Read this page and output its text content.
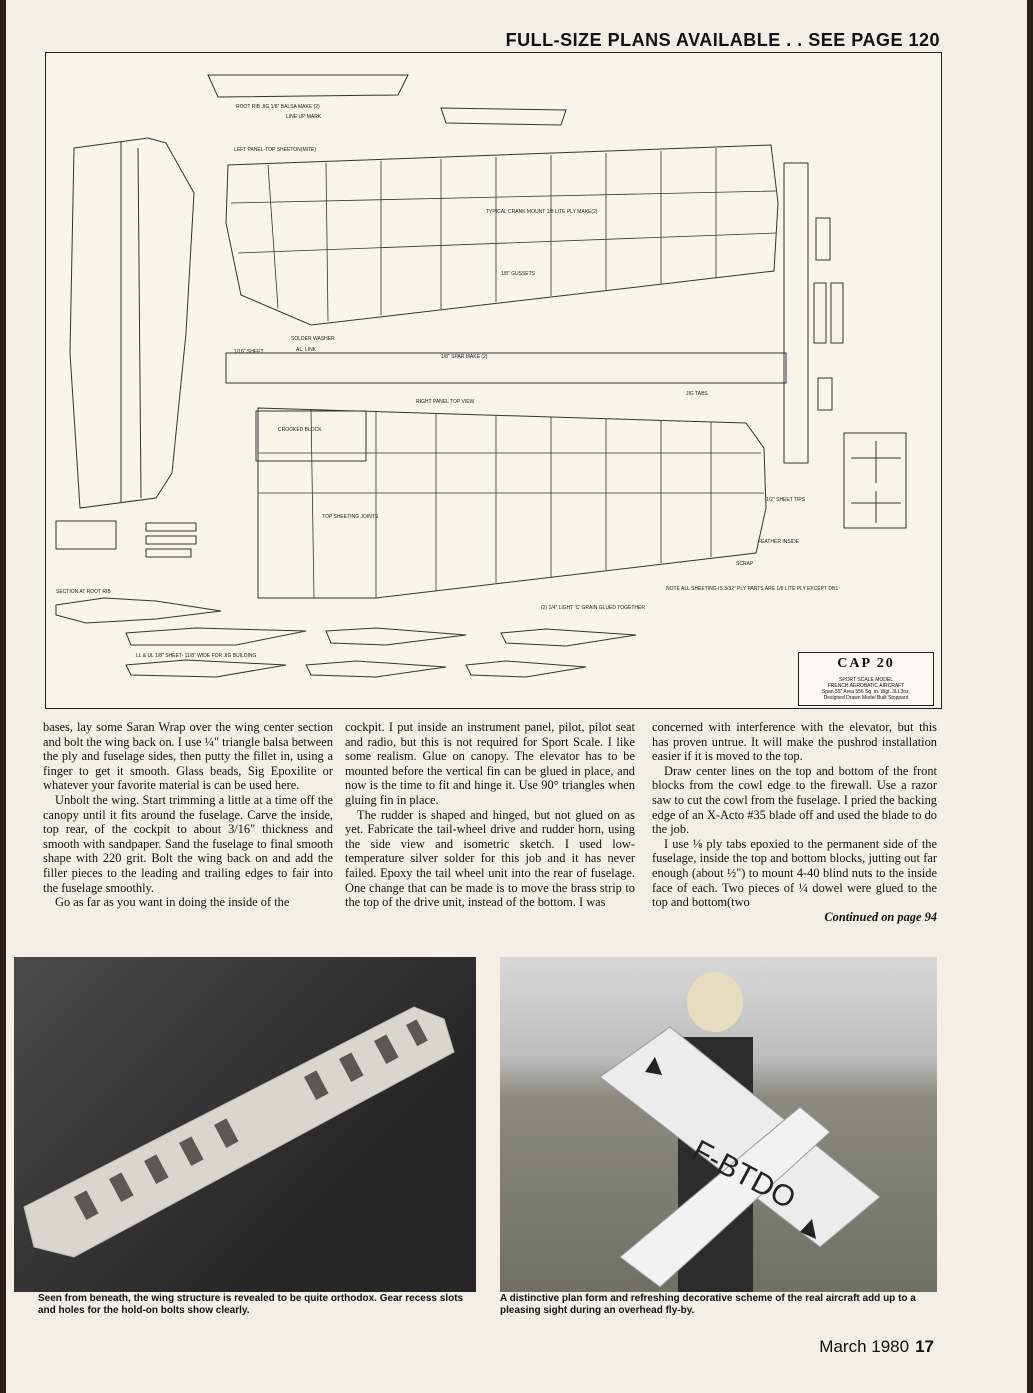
FULL-SIZE PLANS AVAILABLE . . SEE PAGE 120
LEFT PANEL-TOP SHEETON(MITE)
RIGHT PANEL TOP VIEW
ROOT RIB JIG 1/8" BALSA MAKE (2)
LINE UP MARK
1/16" SHEET
TYPICAL CRANK MOUNT 1/8 LITE PLY MAKE(2)
1/8" GUSSETS
1/8" SPAR MAKE (2)
SOLDER WASHER
AL. LINK
CROOKED BLOCK
TOP SHEETING JOINTS
FEATHER INSIDE
SCRAP
NOTE ALL SHEETING IS 3/32" PLY PARTS ARE 1/8 LITE PLY EXCEPT DB1
SECTION AT ROOT RIB
(2) 1/4" LIGHT 'C' GRAIN GLUED TOGETHER
LL & UL 1/8" SHEET- 11/8" WIDE FOR JIG BUILDING
JIG TABS
1/2" SHEET TIPS
CAP 20
SPORT SCALE MODEL
FRENCH AEROBATIC AIRCRAFT
Span 55" Area 556 Sq. in. Wgt. 3LL3oz.
Designed Drawn Model Built Stoppard

bases, lay some Saran Wrap over the wing center section and bolt the wing back on. I use ¼" triangle balsa between the ply and fuselage sides, then putty the fillet in, using a finger to get it smooth. Glass beads, Sig Epoxilite or whatever your favorite material is can be used here.

Unbolt the wing. Start trimming a little at a time off the canopy until it fits around the fuselage. Carve the inside, top rear, of the cockpit to about 3/16" thickness and smooth with sandpaper. Sand the fuselage to final smooth shape with 220 grit. Bolt the wing back on and add the filler pieces to the leading and trailing edges to fair into the fuselage smoothly.

Go as far as you want in doing the inside of the

cockpit. I put inside an instrument panel, pilot, pilot seat and radio, but this is not required for Sport Scale. I like some realism. Glue on canopy. The elevator has to be mounted before the vertical fin can be glued in place, and now is the time to fit and hinge it. Use 90° triangles when gluing fin in place.

The rudder is shaped and hinged, but not glued on as yet. Fabricate the tail-wheel drive and rudder horn, using the side view and isometric sketch. I used low-temperature silver solder for this job and it has never failed. Epoxy the tail wheel unit into the rear of fuselage. One change that can be made is to move the brass strip to the top of the drive unit, instead of the bottom. I was

concerned with interference with the elevator, but this has proven untrue. It will make the pushrod installation easier if it is moved to the top.

Draw center lines on the top and bottom of the front blocks from the cowl edge to the firewall. Use a razor saw to cut the cowl from the fuselage. I pried the backing edge of an X-Acto #35 blade off and used the blade to do the job.

I use ⅛ ply tabs epoxied to the permanent side of the fuselage, inside the top and bottom blocks, jutting out far enough (about ½") to mount 4-40 blind nuts to the inside face of each. Two pieces of ¼ dowel were glued to the top and bottom(two

Continued on page 94

F-BTDO
Seen from beneath, the wing structure is revealed to be quite orthodox. Gear recess slots and holes for the hold-on bolts show clearly.
A distinctive plan form and refreshing decorative scheme of the real aircraft add up to a pleasing sight during an overhead fly-by.
March 1980 17
